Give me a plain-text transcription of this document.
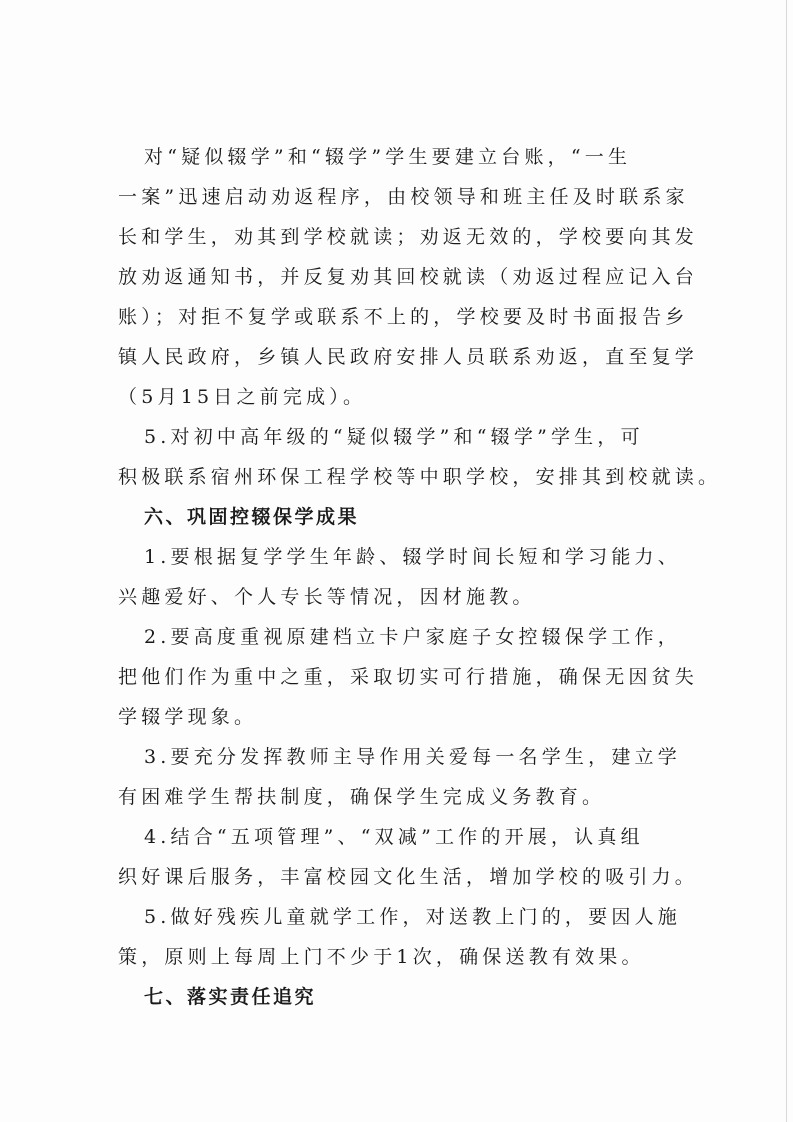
对“疑似辍学”和“辍学”学生要建立台账，“一生
一案”迅速启动劝返程序，由校领导和班主任及时联系家
长和学生，劝其到学校就读；劝返无效的，学校要向其发
放劝返通知书，并反复劝其回校就读（劝返过程应记入台
账）；对拒不复学或联系不上的，学校要及时书面报告乡
镇人民政府，乡镇人民政府安排人员联系劝返，直至复学
（5月15日之前完成）。
5.对初中高年级的“疑似辍学”和“辍学”学生，可
积极联系宿州环保工程学校等中职学校，安排其到校就读。
六、巩固控辍保学成果
1.要根据复学学生年龄、辍学时间长短和学习能力、
兴趣爱好、个人专长等情况，因材施教。
2.要高度重视原建档立卡户家庭子女控辍保学工作，
把他们作为重中之重，采取切实可行措施，确保无因贫失
学辍学现象。
3.要充分发挥教师主导作用关爱每一名学生，建立学
有困难学生帮扶制度，确保学生完成义务教育。
4.结合“五项管理”、“双减”工作的开展，认真组
织好课后服务，丰富校园文化生活，增加学校的吸引力。
5.做好残疾儿童就学工作，对送教上门的，要因人施
策，原则上每周上门不少于1次，确保送教有效果。
七、落实责任追究
